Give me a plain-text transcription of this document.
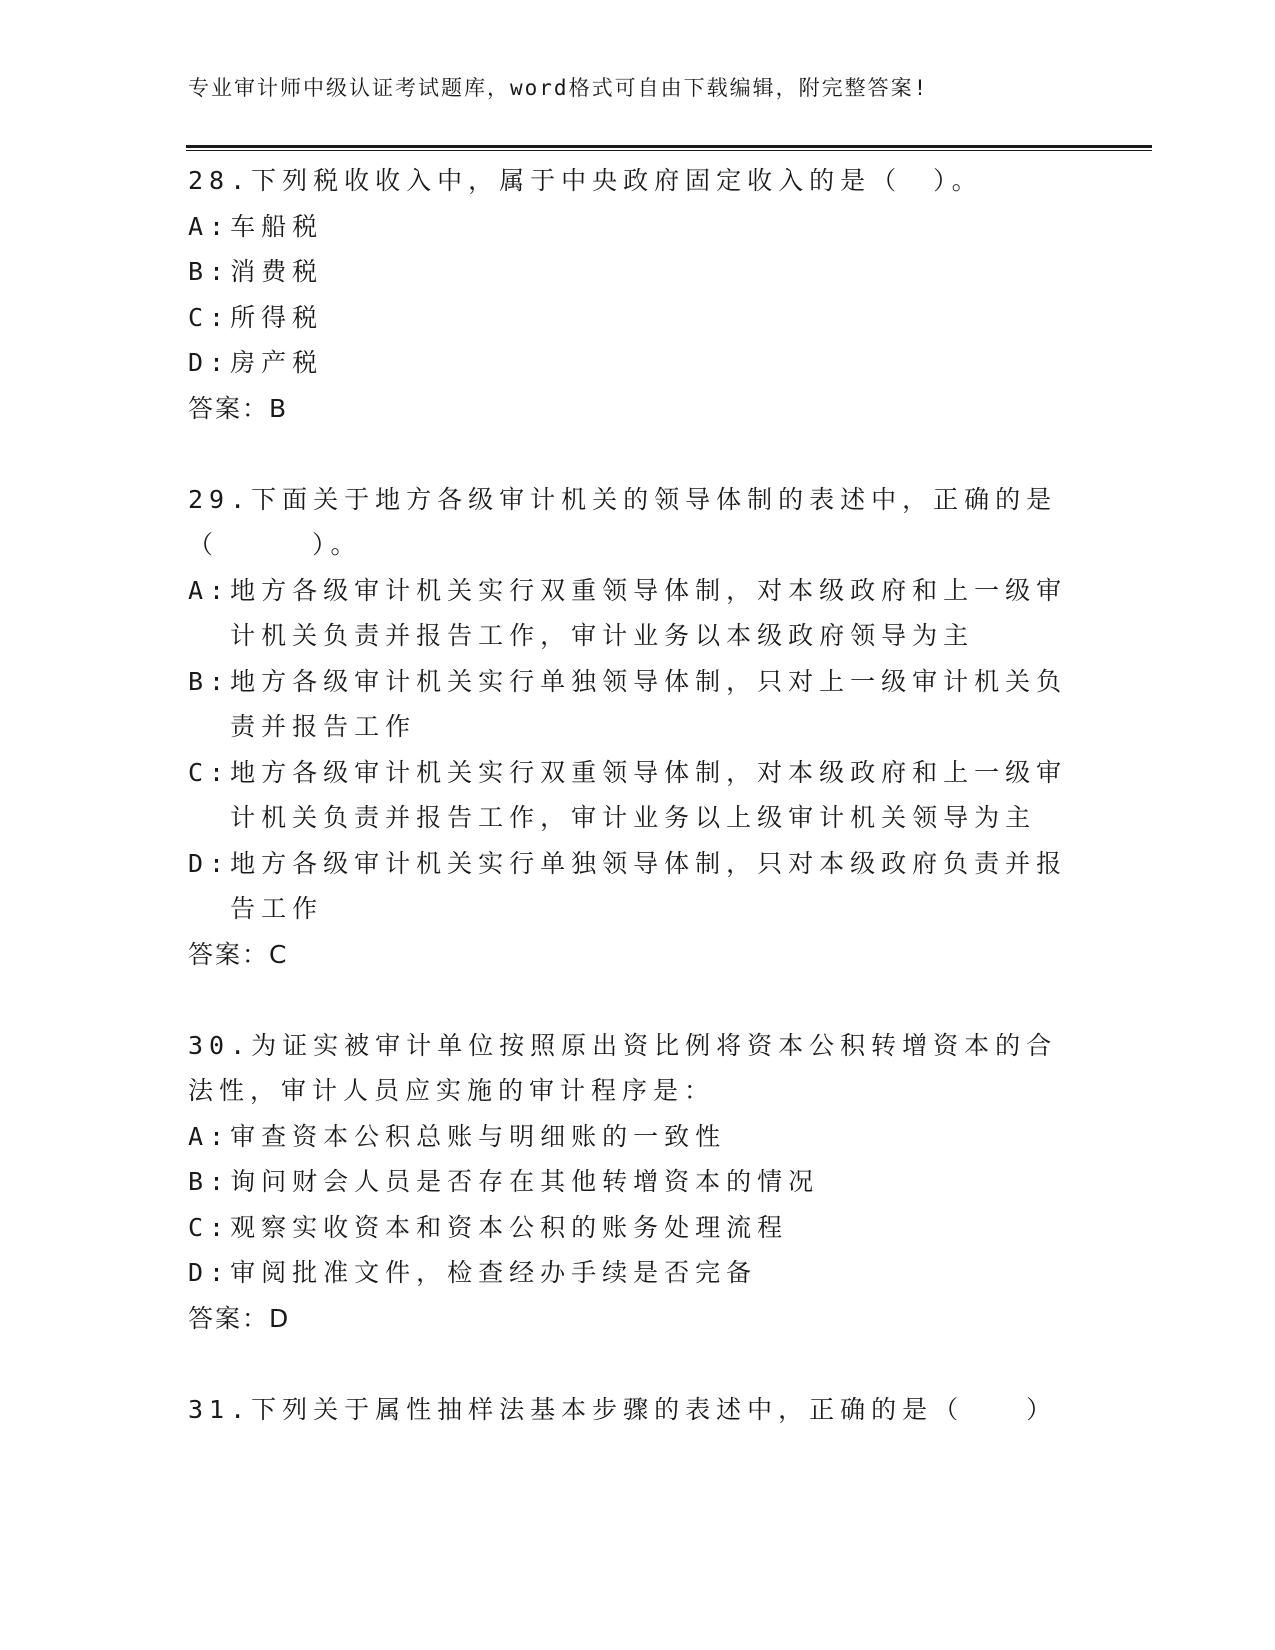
专业审计师中级认证考试题库，word格式可自由下载编辑，附完整答案!
28.下列税收收入中，属于中央政府固定收入的是（　）。
A: 车船税
B: 消费税
C: 所得税
D: 房产税
答案：B
29.下面关于地方各级审计机关的领导体制的表述中，正确的是（　　　）。
A: 地方各级审计机关实行双重领导体制，对本级政府和上一级审计机关负责并报告工作，审计业务以本级政府领导为主
B: 地方各级审计机关实行单独领导体制，只对上一级审计机关负责并报告工作
C: 地方各级审计机关实行双重领导体制，对本级政府和上一级审计机关负责并报告工作，审计业务以上级审计机关领导为主
D: 地方各级审计机关实行单独领导体制，只对本级政府负责并报告工作
答案：C
30.为证实被审计单位按照原出资比例将资本公积转增资本的合法性，审计人员应实施的审计程序是：
A: 审查资本公积总账与明细账的一致性
B: 询问财会人员是否存在其他转增资本的情况
C: 观察实收资本和资本公积的账务处理流程
D: 审阅批准文件，检查经办手续是否完备
答案：D
31.下列关于属性抽样法基本步骤的表述中，正确的是（　　）
